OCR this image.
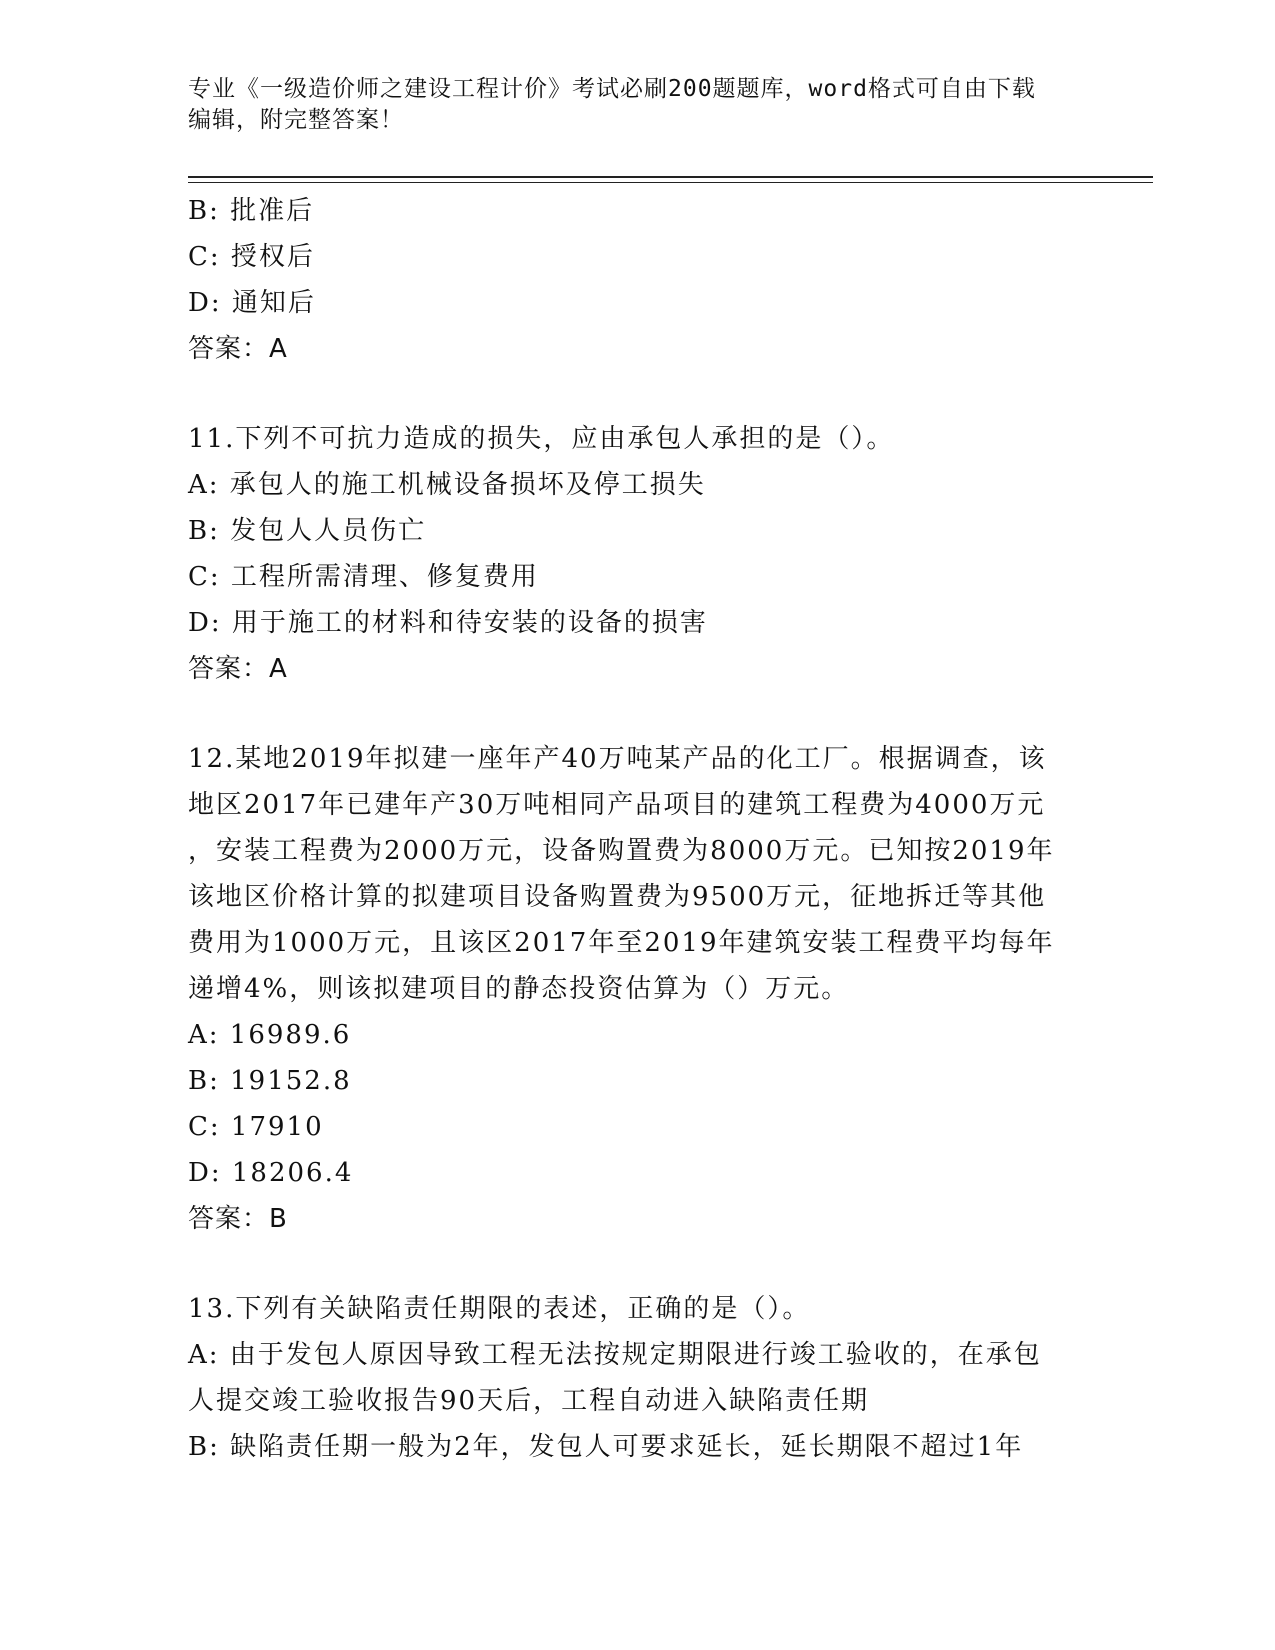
专业《一级造价师之建设工程计价》考试必刷200题题库，word格式可自由下载
编辑，附完整答案！
B: 批准后
C: 授权后
D: 通知后
答案：A
11.下列不可抗力造成的损失，应由承包人承担的是（）。
A: 承包人的施工机械设备损坏及停工损失
B: 发包人人员伤亡
C: 工程所需清理、修复费用
D: 用于施工的材料和待安装的设备的损害
答案：A
12.某地2019年拟建一座年产40万吨某产品的化工厂。根据调查，该
地区2017年已建年产30万吨相同产品项目的建筑工程费为4000万元
，安装工程费为2000万元，设备购置费为8000万元。已知按2019年
该地区价格计算的拟建项目设备购置费为9500万元，征地拆迁等其他
费用为1000万元，且该区2017年至2019年建筑安装工程费平均每年
递增4%，则该拟建项目的静态投资估算为（）万元。
A: 16989.6
B: 19152.8
C: 17910
D: 18206.4
答案：B
13.下列有关缺陷责任期限的表述，正确的是（）。
A: 由于发包人原因导致工程无法按规定期限进行竣工验收的，在承包
人提交竣工验收报告90天后，工程自动进入缺陷责任期
B: 缺陷责任期一般为2年，发包人可要求延长，延长期限不超过1年
